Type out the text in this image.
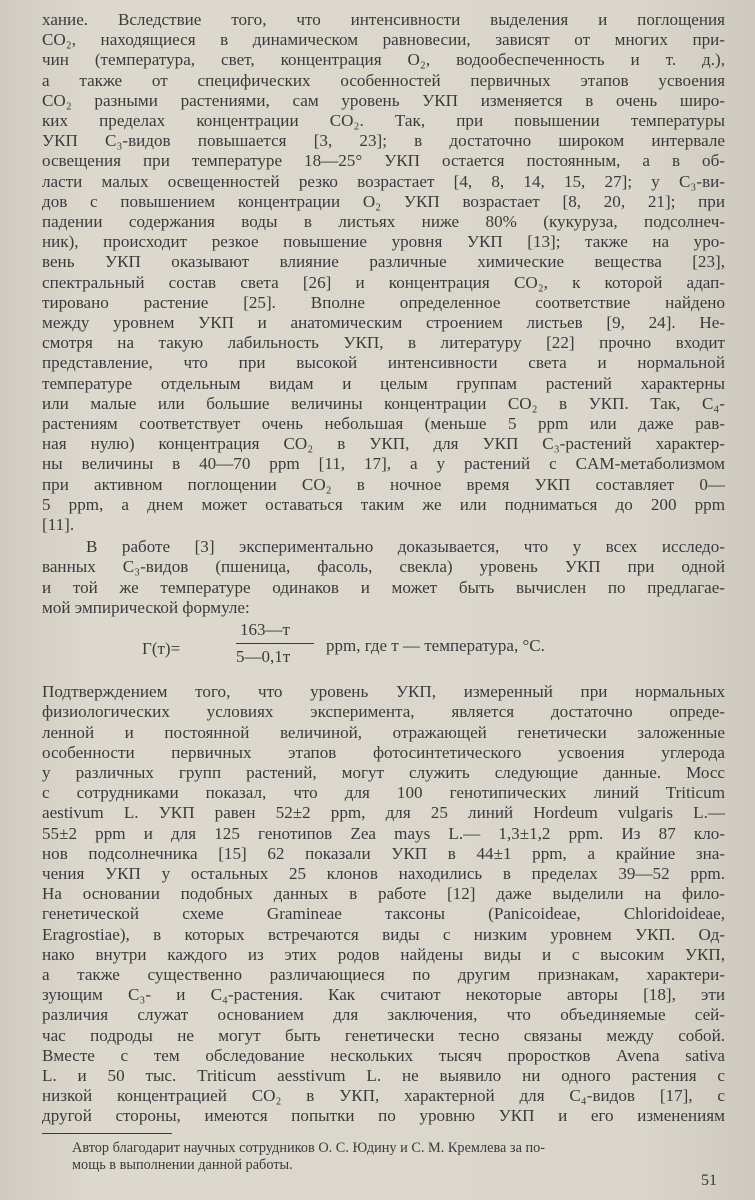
хание. Вследствие того, что интенсивности выделения и поглощения
CO₂, находящиеся в динамическом равновесии, зависят от многих при-
чин (температура, свет, концентрация O₂, водообеспеченность и т. д.),
а также от специфических особенностей первичных этапов усвоения
CO₂ разными растениями, сам уровень УКП изменяется в очень широ-
ких пределах концентрации CO₂. Так, при повышении температуры
УКП C₃-видов повышается [3, 23]; в достаточно широком интервале
освещения при температуре 18—25° УКП остается постоянным, а в об-
ласти малых освещенностей резко возрастает [4, 8, 14, 15, 27]; у C₃-ви-
дов с повышением концентрации O₂ УКП возрастает [8, 20, 21]; при
падении содержания воды в листьях ниже 80% (кукуруза, подсолнеч-
ник), происходит резкое повышение уровня УКП [13]; также на уро-
вень УКП оказывают влияние различные химические вещества [23],
спектральный состав света [26] и концентрация CO₂, к которой адап-
тировано растение [25]. Вполне определенное соответствие найдено
между уровнем УКП и анатомическим строением листьев [9, 24]. Не-
смотря на такую лабильность УКП, в литературу [22] прочно входит
представление, что при высокой интенсивности света и нормальной
температуре отдельным видам и целым группам растений характерны
или малые или большие величины концентрации CO₂ в УКП. Так, C₄-
растениям соответствует очень небольшая (меньше 5 ppm или даже рав-
ная нулю) концентрация CO₂ в УКП, для УКП C₃-растений характер-
ны величины в 40—70 ppm [11, 17], а у растений с CAM-метаболизмом
при активном поглощении CO₂ в ночное время УКП составляет 0—
5 ppm, а днем может оставаться таким же или подниматься до 200 ppm
[11].
В работе [3] экспериментально доказывается, что у всех исследо-
ванных C₃-видов (пшеница, фасоль, свекла) уровень УКП при одной
и той же температуре одинаков и может быть вычислен по предлагае-
мой эмпирической формуле:
Γ(т)=
163—т
5—0,1т
ppm, где т — температура, °C.
Подтверждением того, что уровень УКП, измеренный при нормальных
физиологических условиях эксперимента, является достаточно опреде-
ленной и постоянной величиной, отражающей генетически заложенные
особенности первичных этапов фотосинтетического усвоения углерода
у различных групп растений, могут служить следующие данные. Мосс
с сотрудниками показал, что для 100 генотипических линий Triticum
aestivum L. УКП равен 52±2 ppm, для 25 линий Hordeum vulgaris L.—
55±2 ppm и для 125 генотипов Zea mays L.— 1,3±1,2 ppm. Из 87 кло-
нов подсолнечника [15] 62 показали УКП в 44±1 ppm, а крайние зна-
чения УКП у остальных 25 клонов находились в пределах 39—52 ppm.
На основании подобных данных в работе [12] даже выделили на фило-
генетической схеме Gramineae таксоны (Panicoideae, Chloridoideae,
Eragrostiae), в которых встречаются виды с низким уровнем УКП. Од-
нако внутри каждого из этих родов найдены виды и с высоким УКП,
а также существенно различающиеся по другим признакам, характери-
зующим C₃- и C₄-растения. Как считают некоторые авторы [18], эти
различия служат основанием для заключения, что объединяемые сей-
час подроды не могут быть генетически тесно связаны между собой.
Вместе с тем обследование нескольких тысяч проростков Avena sativa
L. и 50 тыс. Triticum aesstivum L. не выявило ни одного растения с
низкой концентрацией CO₂ в УКП, характерной для C₄-видов [17], с
другой стороны, имеются попытки по уровню УКП и его изменениям
Автор благодарит научных сотрудников О. С. Юдину и С. М. Кремлева за по-
мощь в выполнении данной работы.
51
